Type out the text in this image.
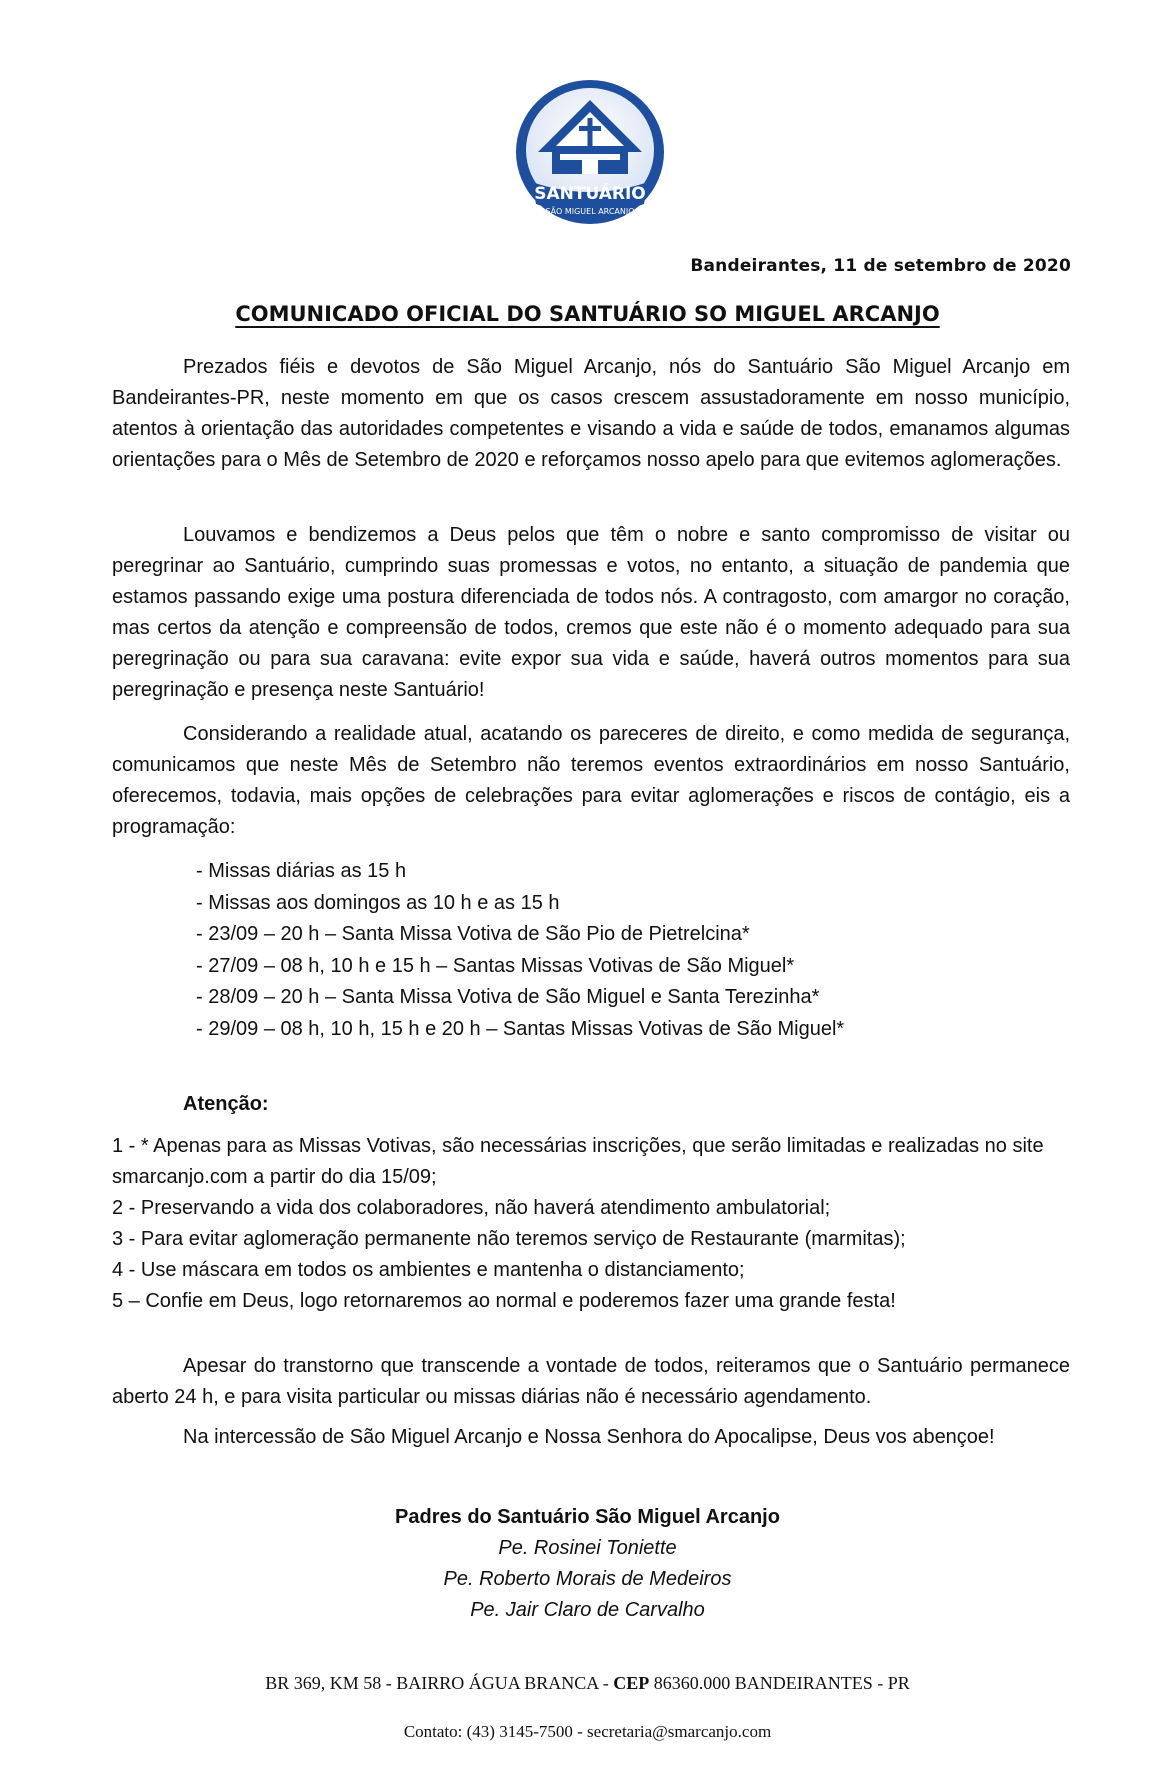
SANTUÁRIO
SÃO MIGUEL ARCANJO
Bandeirantes, 11 de setembro de 2020
COMUNICADO OFICIAL DO SANTUÁRIO SO MIGUEL ARCANJO

Prezados fiéis e devotos de São Miguel Arcanjo, nós do Santuário São Miguel Arcanjo em Bandeirantes-PR, neste momento em que os casos crescem assustadoramente em nosso município, atentos à orientação das autoridades competentes e visando a vida e saúde de todos, emanamos algumas orientações para o Mês de Setembro de 2020 e reforçamos nosso apelo para que evitemos aglomerações.

Louvamos e bendizemos a Deus pelos que têm o nobre e santo compromisso de visitar ou peregrinar ao Santuário, cumprindo suas promessas e votos, no entanto, a situação de pandemia que estamos passando exige uma postura diferenciada de todos nós. A contragosto, com amargor no coração, mas certos da atenção e compreensão de todos, cremos que este não é o momento adequado para sua peregrinação ou para sua caravana: evite expor sua vida e saúde, haverá outros momentos para sua peregrinação e presença neste Santuário!

Considerando a realidade atual, acatando os pareceres de direito, e como medida de segurança, comunicamos que neste Mês de Setembro não teremos eventos extraordinários em nosso Santuário, oferecemos, todavia, mais opções de celebrações para evitar aglomerações e riscos de contágio, eis a programação:

- Missas diárias as 15 h
- Missas aos domingos as 10 h e as 15 h
- 23/09 – 20 h – Santa Missa Votiva de São Pio de Pietrelcina*
- 27/09 – 08 h, 10 h e 15 h – Santas Missas Votivas de São Miguel*
- 28/09 – 20 h – Santa Missa Votiva de São Miguel e Santa Terezinha*
- 29/09 – 08 h, 10 h, 15 h e 20 h – Santas Missas Votivas de São Miguel*
Atenção:
1 - * Apenas para as Missas Votivas, são necessárias inscrições, que serão limitadas e realizadas no site smarcanjo.com a partir do dia 15/09;
2 - Preservando a vida dos colaboradores, não haverá atendimento ambulatorial;
3 - Para evitar aglomeração permanente não teremos serviço de Restaurante (marmitas);
4 - Use máscara em todos os ambientes e mantenha o distanciamento;
5 – Confie em Deus, logo retornaremos ao normal e poderemos fazer uma grande festa!

Apesar do transtorno que transcende a vontade de todos, reiteramos que o Santuário permanece aberto 24 h, e para visita particular ou missas diárias não é necessário agendamento.

Na intercessão de São Miguel Arcanjo e Nossa Senhora do Apocalipse, Deus vos abençoe!

Padres do Santuário São Miguel Arcanjo
Pe. Rosinei Toniette
Pe. Roberto Morais de Medeiros
Pe. Jair Claro de Carvalho
BR 369, KM 58 - BAIRRO ÁGUA BRANCA - CEP 86360.000 BANDEIRANTES - PR
Contato: (43) 3145-7500 - secretaria@smarcanjo.com
